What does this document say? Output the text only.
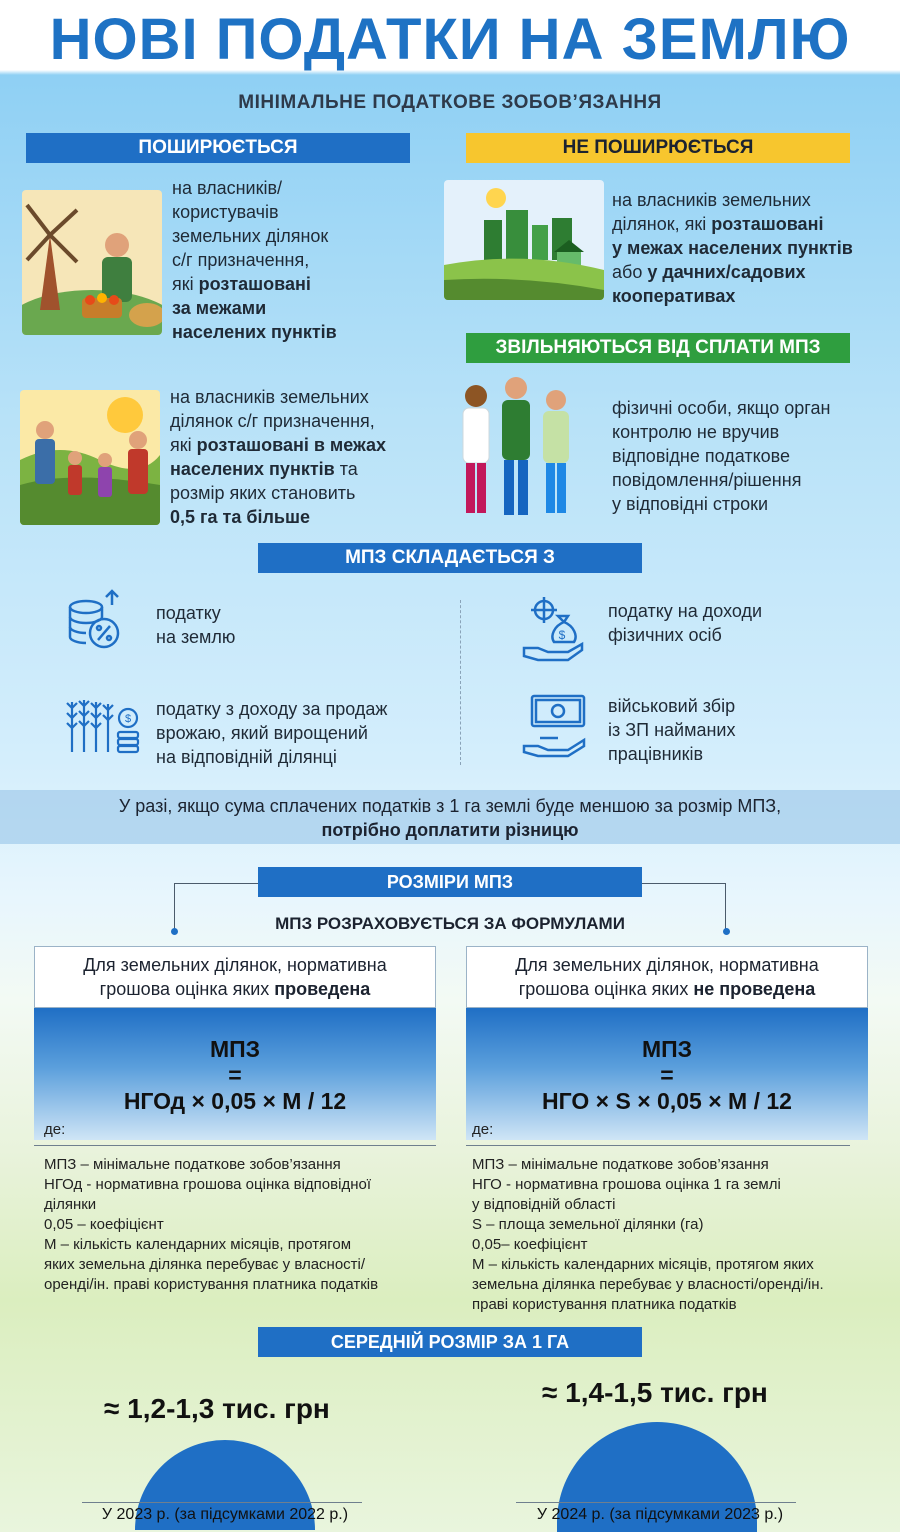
НОВІ ПОДАТКИ НА ЗЕМЛЮ
МІНІМАЛЬНЕ ПОДАТКОВЕ ЗОБОВ’ЯЗАННЯ
ПОШИРЮЄТЬСЯ
на власників/
користувачів
земельних ділянок
с/г призначення,
які розташовані
за межами
населених пунктів
на власників земельних
ділянок с/г призначення,
які розташовані в межах
населених пунктів та
розмір яких становить
0,5 га та більше
НЕ ПОШИРЮЄТЬСЯ
на власників земельних
ділянок, які розташовані
у межах населених пунктів
або у дачних/садових
кооперативах
ЗВІЛЬНЯЮТЬСЯ ВІД СПЛАТИ МПЗ
фізичні особи, якщо орган
контролю не вручив
відповідне податкове
повідомлення/рішення
у відповідні строки
МПЗ СКЛАДАЄТЬСЯ З
податку
на землю	$
податку на доходи
фізичних осіб
$ податку з доходу за продаж
врожаю, який вирощений
на відповідній ділянці
військовий збір
із ЗП найманих
працівників
У разі, якщо сума сплачених податків з 1 га землі буде меншою за розмір МПЗ,
потрібно доплатити різницю
РОЗМІРИ МПЗ
МПЗ РОЗРАХОВУЄТЬСЯ ЗА ФОРМУЛАМИ
Для земельних ділянок, нормативна
грошова оцінка яких проведена
МПЗ
=
НГОд × 0,05 × М / 12
де:
МПЗ – мінімальне податкове зобов’язання
НГОд - нормативна грошова оцінка відповідної
ділянки
0,05 – коефіцієнт
М – кількість календарних місяців, протягом
яких земельна ділянка перебуває у власності/
оренді/ін. праві користування платника податків
Для земельних ділянок, нормативна
грошова оцінка яких не проведена
МПЗ
=
НГО × S × 0,05 × М / 12
де:
МПЗ – мінімальне податкове зобов’язання
НГО - нормативна грошова оцінка 1 га землі
у відповідній області
S – площа земельної ділянки (га)
0,05– коефіцієнт
М – кількість календарних місяців, протягом яких
земельна ділянка перебуває у власності/оренді/ін.
праві користування платника податків
СЕРЕДНІЙ РОЗМІР ЗА 1 ГА
≈ 1,2-1,3 тис. грн
У 2023 р. (за підсумками 2022 р.)
≈ 1,4-1,5 тис. грн
У 2024 р. (за підсумками 2023 р.)
